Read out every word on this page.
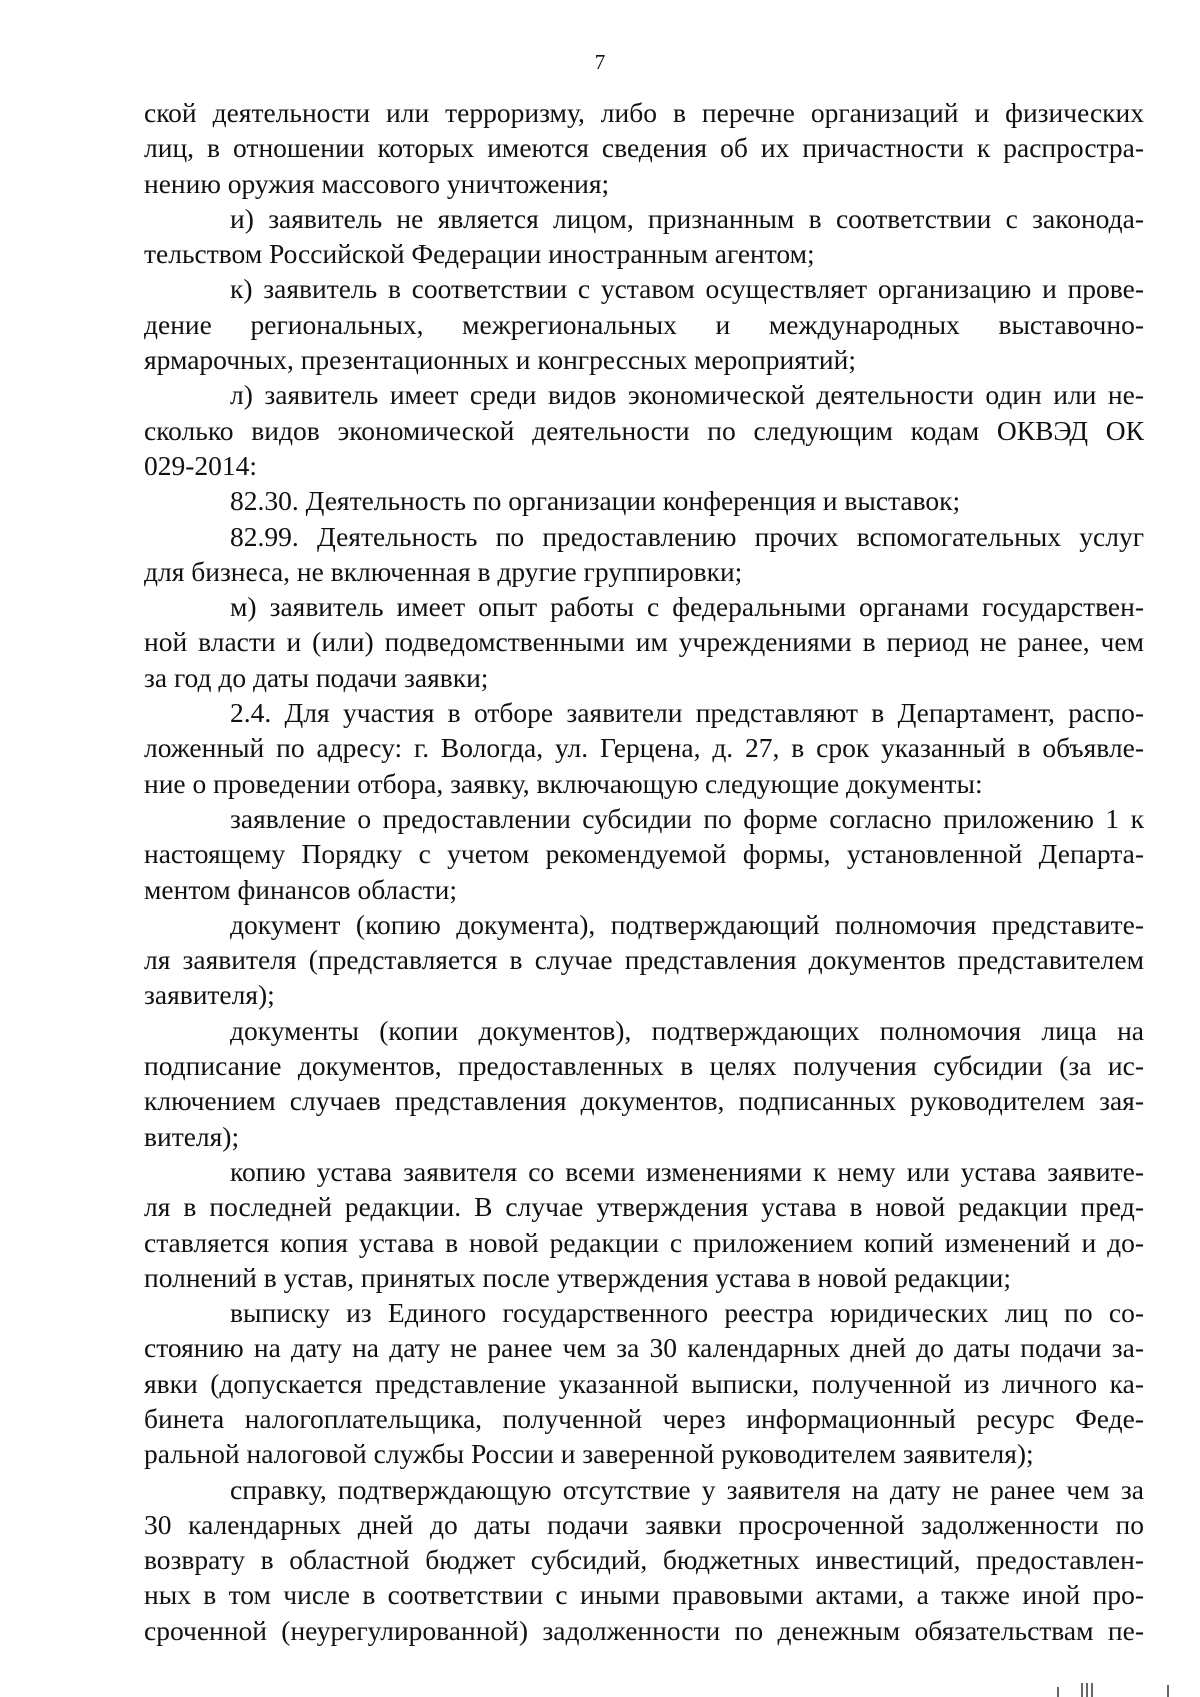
7
ской деятельности или терроризму, либо в перечне организаций и физических
лиц, в отношении которых имеются сведения об их причастности к распростра-
нению оружия массового уничтожения;
и) заявитель не является лицом, признанным в соответствии с законода-
тельством Российской Федерации иностранным агентом;
к) заявитель в соответствии с уставом осуществляет организацию и прове-
дение региональных, межрегиональных и международных выставочно-
ярмарочных, презентационных и конгрессных мероприятий;
л) заявитель имеет среди видов экономической деятельности один или не-
сколько видов экономической деятельности по следующим кодам ОКВЭД ОК
029-2014:
82.30. Деятельность по организации конференция и выставок;
82.99. Деятельность по предоставлению прочих вспомогательных услуг
для бизнеса, не включенная в другие группировки;
м) заявитель имеет опыт работы с федеральными органами государствен-
ной власти и (или) подведомственными им учреждениями в период не ранее, чем
за год до даты подачи заявки;
2.4. Для участия в отборе заявители представляют в Департамент, распо-
ложенный по адресу: г. Вологда, ул. Герцена, д. 27, в срок указанный в объявле-
ние о проведении отбора, заявку, включающую следующие документы:
заявление о предоставлении субсидии по форме согласно приложению 1 к
настоящему Порядку с учетом рекомендуемой формы, установленной Департа-
ментом финансов области;
документ (копию документа), подтверждающий полномочия представите-
ля заявителя (представляется в случае представления документов представителем
заявителя);
документы (копии документов), подтверждающих полномочия лица на
подписание документов, предоставленных в целях получения субсидии (за ис-
ключением случаев представления документов, подписанных руководителем зая-
вителя);
копию устава заявителя со всеми изменениями к нему или устава заявите-
ля в последней редакции. В случае утверждения устава в новой редакции пред-
ставляется копия устава в новой редакции с приложением копий изменений и до-
полнений в устав, принятых после утверждения устава в новой редакции;
выписку из Единого государственного реестра юридических лиц по со-
стоянию на дату на дату не ранее чем за 30 календарных дней до даты подачи за-
явки (допускается представление указанной выписки, полученной из личного ка-
бинета налогоплательщика, полученной через информационный ресурс Феде-
ральной налоговой службы России и заверенной руководителем заявителя);
справку, подтверждающую отсутствие у заявителя на дату не ранее чем за
30 календарных дней до даты подачи заявки просроченной задолженности по
возврату в областной бюджет субсидий, бюджетных инвестиций, предоставлен-
ных в том числе в соответствии с иными правовыми актами, а также иной про-
сроченной (неурегулированной) задолженности по денежным обязательствам пе-
